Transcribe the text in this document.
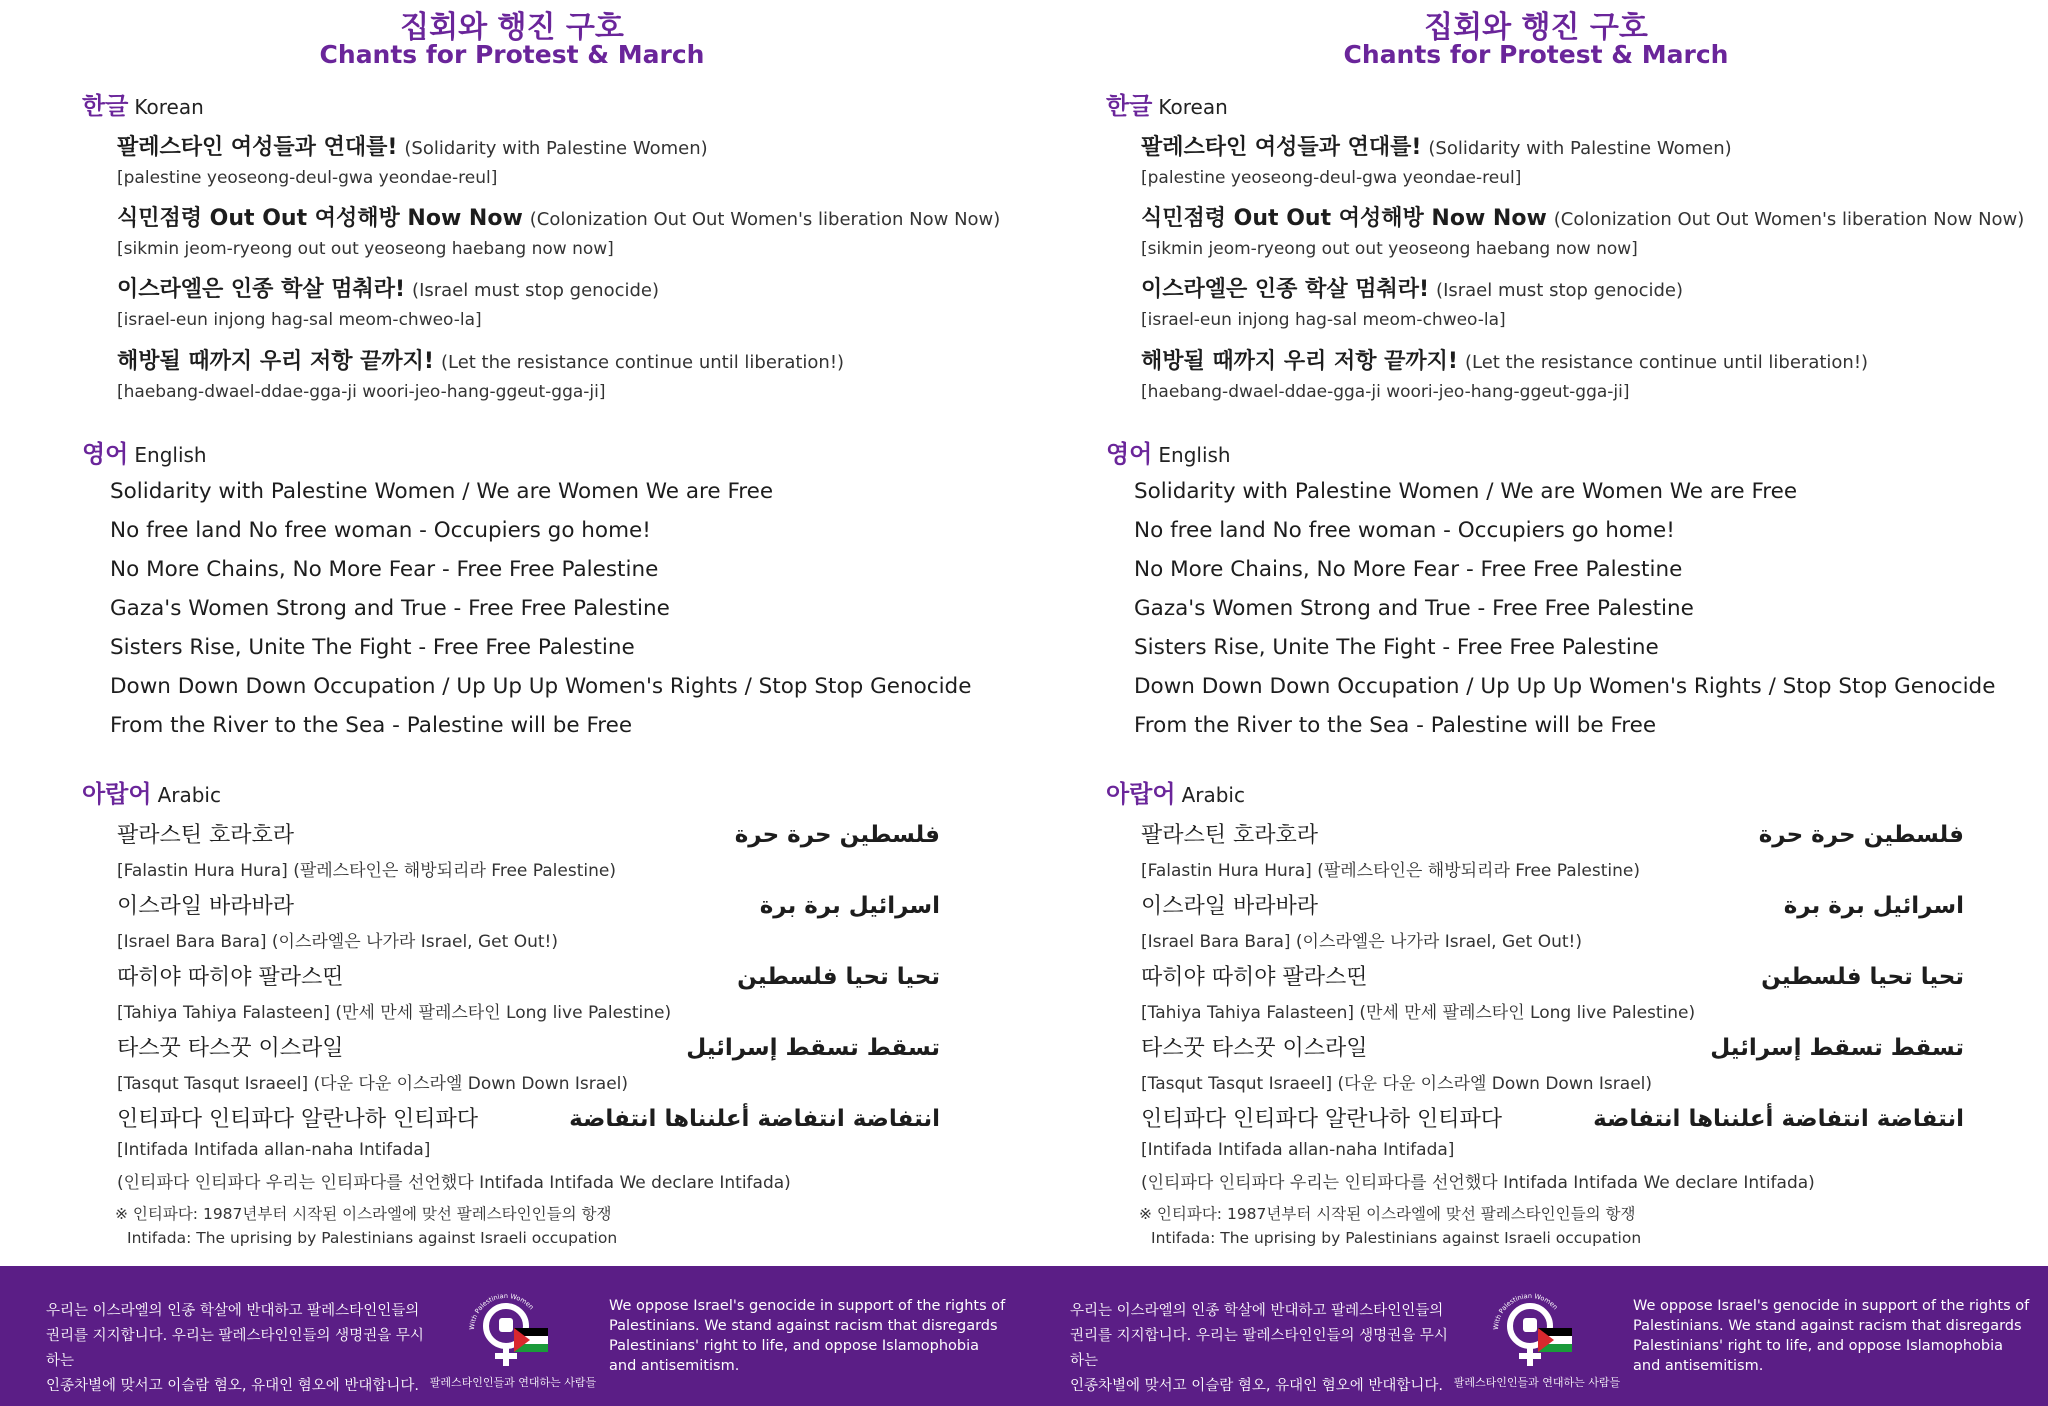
집회와 행진 구호
Chants for Protest & March
한글 Korean
팔레스타인 여성들과 연대를! (Solidarity with Palestine Women)
[palestine yeoseong-deul-gwa yeondae-reul]
식민점령 Out Out 여성해방 Now Now (Colonization Out Out Women's liberation Now Now)
[sikmin jeom-ryeong out out yeoseong haebang now now]
이스라엘은 인종 학살 멈춰라! (Israel must stop genocide)
[israel-eun injong hag-sal meom-chweo-la]
해방될 때까지 우리 저항 끝까지! (Let the resistance continue until liberation!)
[haebang-dwael-ddae-gga-ji woori-jeo-hang-ggeut-gga-ji]
영어 English
Solidarity with Palestine Women / We are Women We are Free
No free land No free woman - Occupiers go home!
No More Chains, No More Fear - Free Free Palestine
Gaza's Women Strong and True - Free Free Palestine
Sisters Rise, Unite The Fight - Free Free Palestine
Down Down Down Occupation / Up Up Up Women's Rights / Stop Stop Genocide
From the River to the Sea - Palestine will be Free
아랍어 Arabic
팔라스틴 호라호라
[Falastin Hura Hura] (팔레스타인은 해방되리라 Free Palestine)
فلسطين حرة حرة
이스라일 바라바라
[Israel Bara Bara] (이스라엘은 나가라 Israel, Get Out!)
اسرائيل برة برة
따히야 따히야 팔라스띤
[Tahiya Tahiya Falasteen] (만세 만세 팔레스타인 Long live Palestine)
تحيا تحيا فلسطين
타스꿋 타스꿋 이스라일
[Tasqut Tasqut Israeel] (다운 다운 이스라엘 Down Down Israel)
تسقط تسقط إسرائيل
인티파다 인티파다 알란나하 인티파다
[Intifada Intifada allan-naha Intifada]
(인티파다 인티파다 우리는 인티파다를 선언했다 Intifada Intifada We declare Intifada)
انتفاضة انتفاضة أعلنناها انتفاضة
※ 인티파다: 1987년부터 시작된 이스라엘에 맞선 팔레스타인인들의 항쟁
Intifada: The uprising by Palestinians against Israeli occupation
우리는 이스라엘의 인종 학살에 반대하고 팔레스타인인들의
권리를 지지합니다. 우리는 팔레스타인인들의 생명권을 무시하는
인종차별에 맞서고 이슬람 혐오, 유대인 혐오에 반대합니다.
With Palestinian Women
팔레스타인인들과 연대하는 사람들
We oppose Israel's genocide in support of the rights of Palestinians. We stand against racism that disregards Palestinians' right to life, and oppose Islamophobia and antisemitism.
집회와 행진 구호
Chants for Protest & March
한글 Korean
팔레스타인 여성들과 연대를! (Solidarity with Palestine Women)
[palestine yeoseong-deul-gwa yeondae-reul]
식민점령 Out Out 여성해방 Now Now (Colonization Out Out Women's liberation Now Now)
[sikmin jeom-ryeong out out yeoseong haebang now now]
이스라엘은 인종 학살 멈춰라! (Israel must stop genocide)
[israel-eun injong hag-sal meom-chweo-la]
해방될 때까지 우리 저항 끝까지! (Let the resistance continue until liberation!)
[haebang-dwael-ddae-gga-ji woori-jeo-hang-ggeut-gga-ji]
영어 English
Solidarity with Palestine Women / We are Women We are Free
No free land No free woman - Occupiers go home!
No More Chains, No More Fear - Free Free Palestine
Gaza's Women Strong and True - Free Free Palestine
Sisters Rise, Unite The Fight - Free Free Palestine
Down Down Down Occupation / Up Up Up Women's Rights / Stop Stop Genocide
From the River to the Sea - Palestine will be Free
아랍어 Arabic
팔라스틴 호라호라
[Falastin Hura Hura] (팔레스타인은 해방되리라 Free Palestine)
فلسطين حرة حرة
이스라일 바라바라
[Israel Bara Bara] (이스라엘은 나가라 Israel, Get Out!)
اسرائيل برة برة
따히야 따히야 팔라스띤
[Tahiya Tahiya Falasteen] (만세 만세 팔레스타인 Long live Palestine)
تحيا تحيا فلسطين
타스꿋 타스꿋 이스라일
[Tasqut Tasqut Israeel] (다운 다운 이스라엘 Down Down Israel)
تسقط تسقط إسرائيل
인티파다 인티파다 알란나하 인티파다
[Intifada Intifada allan-naha Intifada]
(인티파다 인티파다 우리는 인티파다를 선언했다 Intifada Intifada We declare Intifada)
انتفاضة انتفاضة أعلنناها انتفاضة
※ 인티파다: 1987년부터 시작된 이스라엘에 맞선 팔레스타인인들의 항쟁
Intifada: The uprising by Palestinians against Israeli occupation
우리는 이스라엘의 인종 학살에 반대하고 팔레스타인인들의
권리를 지지합니다. 우리는 팔레스타인인들의 생명권을 무시하는
인종차별에 맞서고 이슬람 혐오, 유대인 혐오에 반대합니다.
With Palestinian Women
팔레스타인인들과 연대하는 사람들
We oppose Israel's genocide in support of the rights of Palestinians. We stand against racism that disregards Palestinians' right to life, and oppose Islamophobia and antisemitism.
